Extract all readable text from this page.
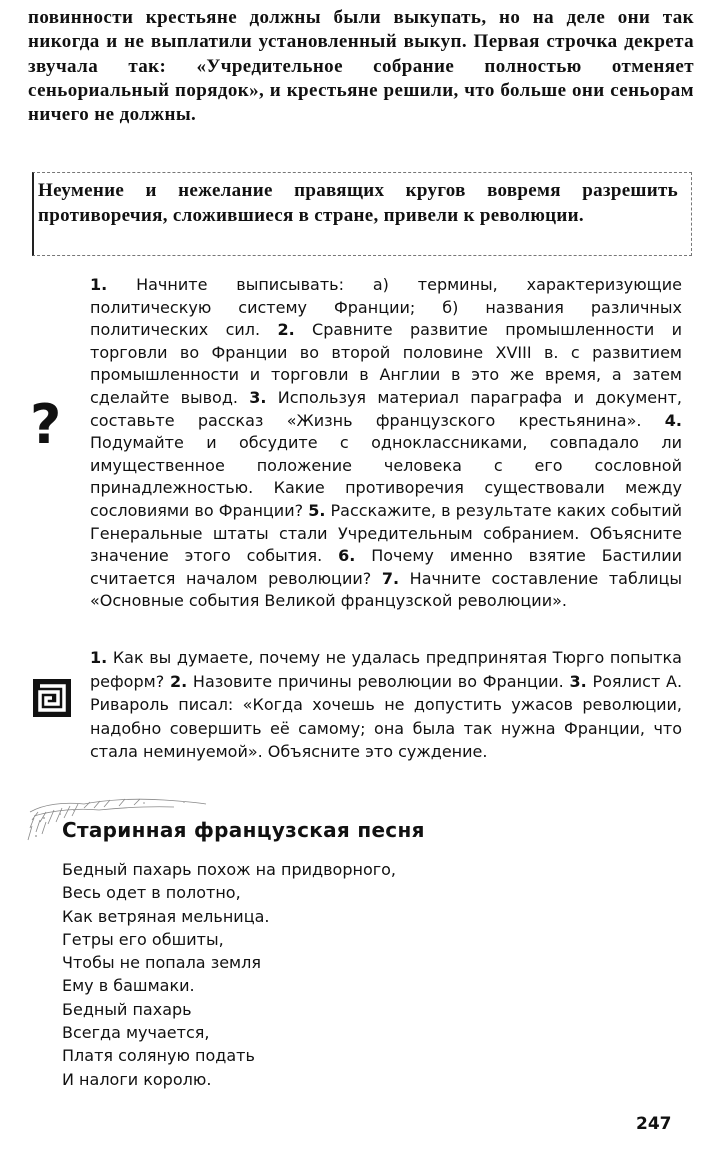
повинности крестьяне должны были выкупать, но на деле они так никогда и не выплатили установленный выкуп. Первая строчка декрета звучала так: «Учредительное собрание полностью отменяет сеньориальный порядок», и крестьяне решили, что больше они сеньорам ничего не должны.

Неумение и нежелание правящих кругов вовремя разрешить противоречия, сложившиеся в стране, привели к революции.

?

1. Начните выписывать: а) термины, характеризующие политическую систему Франции; б) названия различных политических сил. 2. Сравните развитие промышленности и торговли во Франции во второй половине XVIII в. с развитием промышленности и торговли в Англии в это же время, а затем сделайте вывод. 3. Используя материал параграфа и документ, составьте рассказ «Жизнь французского крестьянина». 4. Подумайте и обсудите с одноклассниками, совпадало ли имущественное положение человека с его сословной принадлежностью. Какие противоречия существовали между сословиями во Франции? 5. Расскажите, в результате каких событий Генеральные штаты стали Учредительным собранием. Объясните значение этого события. 6. Почему именно взятие Бастилии считается началом революции? 7. Начните составление таблицы «Основные события Великой французской революции».

1. Как вы думаете, почему не удалась предпринятая Тюрго попытка реформ? 2. Назовите причины революции во Франции. 3. Роялист А. Ривароль писал: «Когда хочешь не допустить ужасов революции, надобно совершить её самому; она была так нужна Франции, что стала неминуемой». Объясните это суждение.

Старинная французская песня
Бедный пахарь похож на придворного,
Весь одет в полотно,
Как ветряная мельница.
Гетры его обшиты,
Чтобы не попала земля
Ему в башмаки.
Бедный пахарь
Всегда мучается,
Платя соляную подать
И налоги королю.
247
